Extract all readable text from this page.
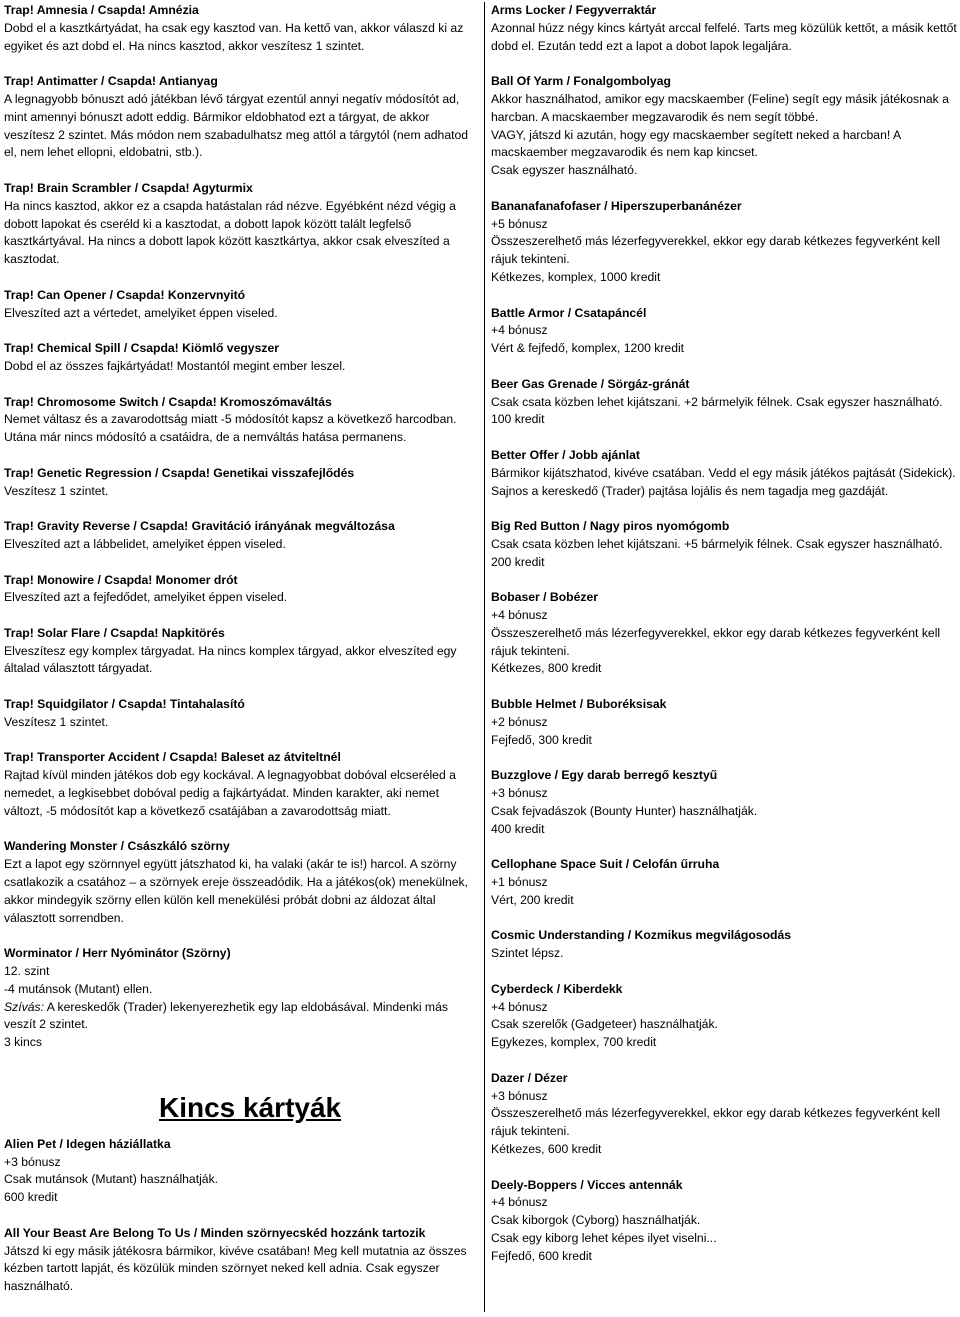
Trap! Amnesia / Csapda! Amnézia

Dobd el a kasztkártyádat, ha csak egy kasztod van. Ha kettő van, akkor válaszd ki az egyiket és azt dobd el. Ha nincs kasztod, akkor veszítesz 1 szintet.

Trap! Antimatter / Csapda! Antianyag

A legnagyobb bónuszt adó játékban lévő tárgyat ezentúl annyi negatív módosítót ad, mint amennyi bónuszt adott eddig. Bármikor eldobhatod ezt a tárgyat, de akkor veszítesz 2 szintet. Más módon nem szabadulhatsz meg attól a tárgytól (nem adhatod el, nem lehet ellopni, eldobatni, stb.).

Trap! Brain Scrambler / Csapda! Agyturmix

Ha nincs kasztod, akkor ez a csapda hatástalan rád nézve. Egyébként nézd végig a dobott lapokat és cseréld ki a kasztodat, a dobott lapok között talált legfelső kasztkártyával. Ha nincs a dobott lapok között kasztkártya, akkor csak elveszíted a kasztodat.

Trap! Can Opener / Csapda! Konzervnyitó

Elveszíted azt a vértedet, amelyiket éppen viseled.

Trap! Chemical Spill / Csapda! Kiömlő vegyszer

Dobd el az összes fajkártyádat! Mostantól megint ember leszel.

Trap! Chromosome Switch / Csapda! Kromoszómaváltás

Nemet váltasz és a zavarodottság miatt -5 módosítót kapsz a következő harcodban. Utána már nincs módosító a csatáidra, de a nemváltás hatása permanens.

Trap! Genetic Regression / Csapda! Genetikai visszafejlődés

Veszítesz 1 szintet.

Trap! Gravity Reverse / Csapda! Gravitáció irányának megváltozása

Elveszíted azt a lábbelidet, amelyiket éppen viseled.

Trap! Monowire / Csapda! Monomer drót

Elveszíted azt a fejfedődet, amelyiket éppen viseled.

Trap! Solar Flare / Csapda! Napkitörés

Elveszítesz egy komplex tárgyadat. Ha nincs komplex tárgyad, akkor elveszíted egy általad választott tárgyadat.

Trap! Squidgilator / Csapda! Tintahalasító

Veszítesz 1 szintet.

Trap! Transporter Accident / Csapda! Baleset az átviteltnél

Rajtad kívül minden játékos dob egy kockával. A legnagyobbat dobóval elcseréled a nemedet, a legkisebbet dobóval pedig a fajkártyádat. Minden karakter, aki nemet változt, -5 módosítót kap a következő csatájában a zavarodottság miatt.

Wandering Monster / Császkáló szörny

Ezt a lapot egy szörnnyel együtt játszhatod ki, ha valaki (akár te is!) harcol. A szörny csatlakozik a csatához – a szörnyek ereje összeadódik. Ha a játékos(ok) menekülnek, akkor mindegyik szörny ellen külön kell menekülési próbát dobni az áldozat által választott sorrendben.

Worminator / Herr Nyóminátor (Szörny)

12. szint

-4 mutánsok (Mutant) ellen.

Szívás: A kereskedők (Trader) lekenyerezhetik egy lap eldobásával. Mindenki más veszít 2 szintet.

3 kincs

Kincs kártyák

Alien Pet / Idegen háziállatka

+3 bónusz

Csak mutánsok (Mutant) használhatják.

600 kredit

All Your Beast Are Belong To Us / Minden szörnyecskéd hozzánk tartozik

Játszd ki egy másik játékosra bármikor, kivéve csatában! Meg kell mutatnia az összes kézben tartott lapját, és közülük minden szörnyet neked kell adnia. Csak egyszer használható.

Arms Locker / Fegyverraktár

Azonnal húzz négy kincs kártyát arccal felfelé. Tarts meg közülük kettőt, a másik kettőt dobd el. Ezután tedd ezt a lapot a dobot lapok legaljára.

Ball Of Yarm / Fonalgombolyag

Akkor használhatod, amikor egy macskaember (Feline) segít egy másik játékosnak a harcban. A macskaember megzavarodik és nem segít többé.

VAGY, játszd ki azután, hogy egy macskaember segített neked a harcban! A macskaember megzavarodik és nem kap kincset.

Csak egyszer használható.

Bananafanafofaser / Hiperszuperbanánézer

+5 bónusz

Összeszerelhető más lézerfegyverekkel, ekkor egy darab kétkezes fegyverként kell rájuk tekinteni.

Kétkezes, komplex, 1000 kredit

Battle Armor / Csatapáncél

+4 bónusz

Vért & fejfedő, komplex, 1200 kredit

Beer Gas Grenade / Sörgáz-gránát

Csak csata közben lehet kijátszani. +2 bármelyik félnek. Csak egyszer használható.

100 kredit

Better Offer / Jobb ajánlat

Bármikor kijátszhatod, kivéve csatában. Vedd el egy másik játékos pajtását (Sidekick). Sajnos a kereskedő (Trader) pajtása lojális és nem tagadja meg gazdáját.

Big Red Button / Nagy piros nyomógomb

Csak csata közben lehet kijátszani. +5 bármelyik félnek. Csak egyszer használható.

200 kredit

Bobaser / Bobézer

+4 bónusz

Összeszerelhető más lézerfegyverekkel, ekkor egy darab kétkezes fegyverként kell rájuk tekinteni.

Kétkezes, 800 kredit

Bubble Helmet / Buboréksisak

+2 bónusz

Fejfedő, 300 kredit

Buzzglove / Egy darab berregő kesztyű

+3 bónusz

Csak fejvadászok (Bounty Hunter) használhatják.

400 kredit

Cellophane Space Suit / Celofán űrruha

+1 bónusz

Vért, 200 kredit

Cosmic Understanding / Kozmikus megvilágosodás

Szintet lépsz.

Cyberdeck / Kiberdekk

+4 bónusz

Csak szerelők (Gadgeteer) használhatják.

Egykezes, komplex, 700 kredit

Dazer / Dézer

+3 bónusz

Összeszerelhető más lézerfegyverekkel, ekkor egy darab kétkezes fegyverként kell rájuk tekinteni.

Kétkezes, 600 kredit

Deely-Boppers / Vicces antennák

+4 bónusz

Csak kiborgok (Cyborg) használhatják.

Csak egy kiborg lehet képes ilyet viselni...

Fejfedő, 600 kredit
